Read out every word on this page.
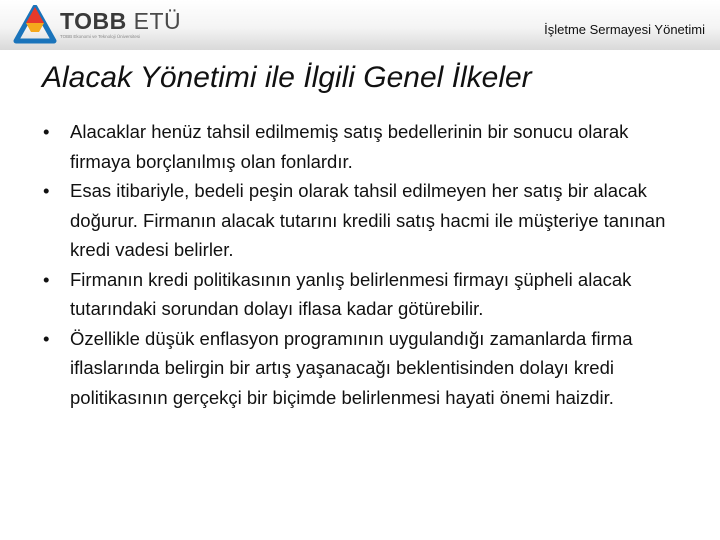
TOBB ETÜ
TOBB Ekonomi ve Teknoloji Üniversitesi	İşletme Sermayesi Yönetimi
Alacak Yönetimi ile İlgili Genel İlkeler
• Alacaklar henüz tahsil edilmemiş satış bedellerinin bir sonucu olarak firmaya borçlanılmış olan fonlardır.
• Esas itibariyle, bedeli peşin olarak tahsil edilmeyen her satış bir alacak doğurur. Firmanın alacak tutarını kredili satış hacmi ile müşteriye tanınan kredi vadesi belirler.
• Firmanın kredi politikasının yanlış belirlenmesi firmayı şüpheli alacak tutarındaki sorundan dolayı iflasa kadar götürebilir.
• Özellikle düşük enflasyon programının uygulandığı zamanlarda firma iflaslarında belirgin bir artış yaşanacağı beklentisinden dolayı kredi politikasının gerçekçi bir biçimde belirlenmesi hayati önemi haizdir.
